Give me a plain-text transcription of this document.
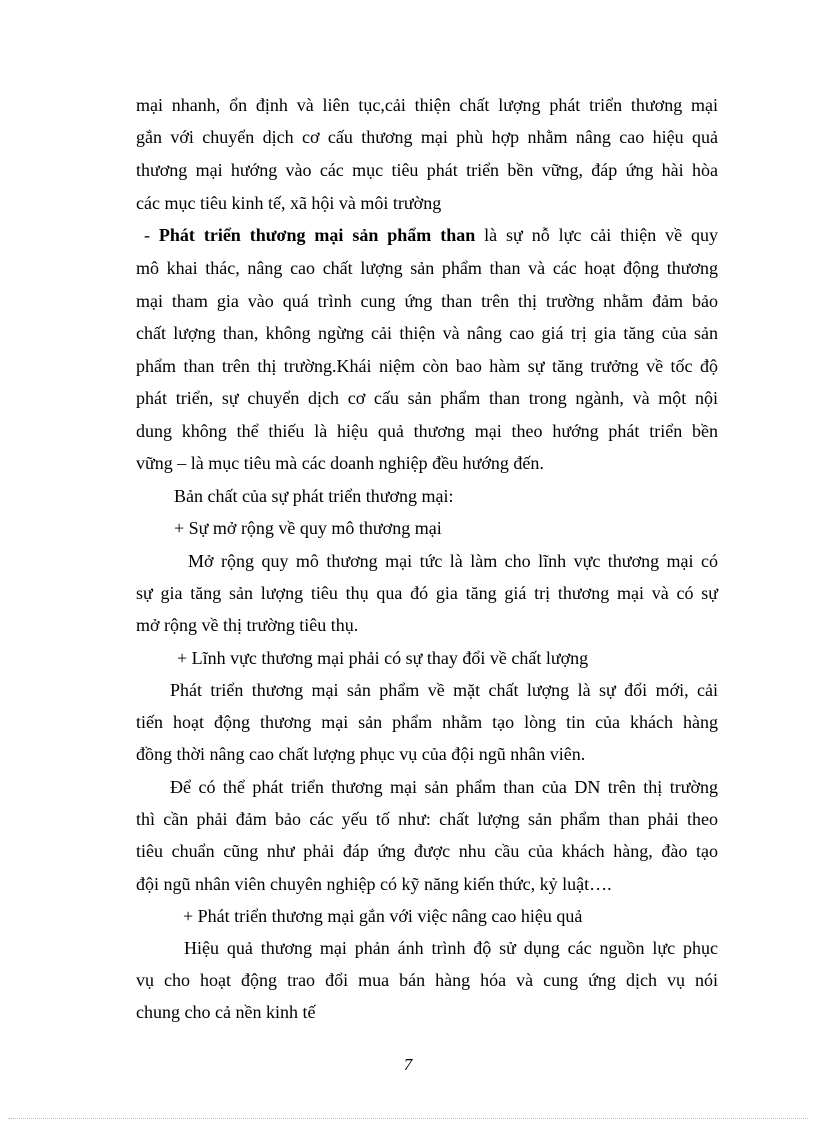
mại nhanh, ổn định và liên tục,cải thiện chất lượng phát triển thương mại
gắn với chuyển dịch cơ cấu thương mại phù hợp nhằm nâng cao hiệu quả
thương mại hướng vào các mục tiêu phát triển bền vững, đáp ứng hài hòa
các mục tiêu kinh tế, xã hội và môi trường
- Phát triển thương mại sản phẩm than là sự nỗ lực cải thiện về quy
mô khai thác, nâng cao chất lượng sản phẩm than và các hoạt động thương
mại tham gia vào quá trình cung ứng than trên thị trường nhằm đảm bảo
chất lượng than, không ngừng cải thiện và nâng cao giá trị gia tăng của sản
phẩm than trên thị trường.Khái niệm còn bao hàm sự tăng trưởng về tốc độ
phát triển, sự chuyển dịch cơ cấu sản phẩm than trong ngành, và một nội
dung không thể thiếu là hiệu quả thương mại theo hướng phát triển bền
vững – là mục tiêu mà các doanh nghiệp đều hướng đến.
Bản chất của sự phát triển thương mại:
+ Sự mở rộng về quy mô thương mại
Mở rộng quy mô thương mại tức là làm cho lĩnh vực thương mại có
sự gia tăng sản lượng tiêu thụ qua đó gia tăng giá trị thương mại và có sự
mở rộng về thị trường tiêu thụ.
+ Lĩnh vực thương mại phải có sự thay đổi về chất lượng
Phát triển thương mại sản phẩm về mặt chất lượng là sự đổi mới, cải
tiến hoạt động thương mại sản phẩm nhằm tạo lòng tin của khách hàng
đồng thời nâng cao chất lượng phục vụ của đội ngũ nhân viên.
Để có thể phát triển thương mại sản phẩm than của DN trên thị trường
thì cần phải đảm bảo các yếu tố như: chất lượng sản phẩm than phải theo
tiêu chuẩn cũng như phải đáp ứng được nhu cầu của khách hàng, đào tạo
đội ngũ nhân viên chuyên nghiệp có kỹ năng kiến thức, kỷ luật….
+ Phát triển thương mại gắn với việc nâng cao hiệu quả
Hiệu quả thương mại phản ánh trình độ sử dụng các nguồn lực phục
vụ cho hoạt động trao đổi mua bán hàng hóa và cung ứng dịch vụ nói
chung cho cả nền kinh tế
7
